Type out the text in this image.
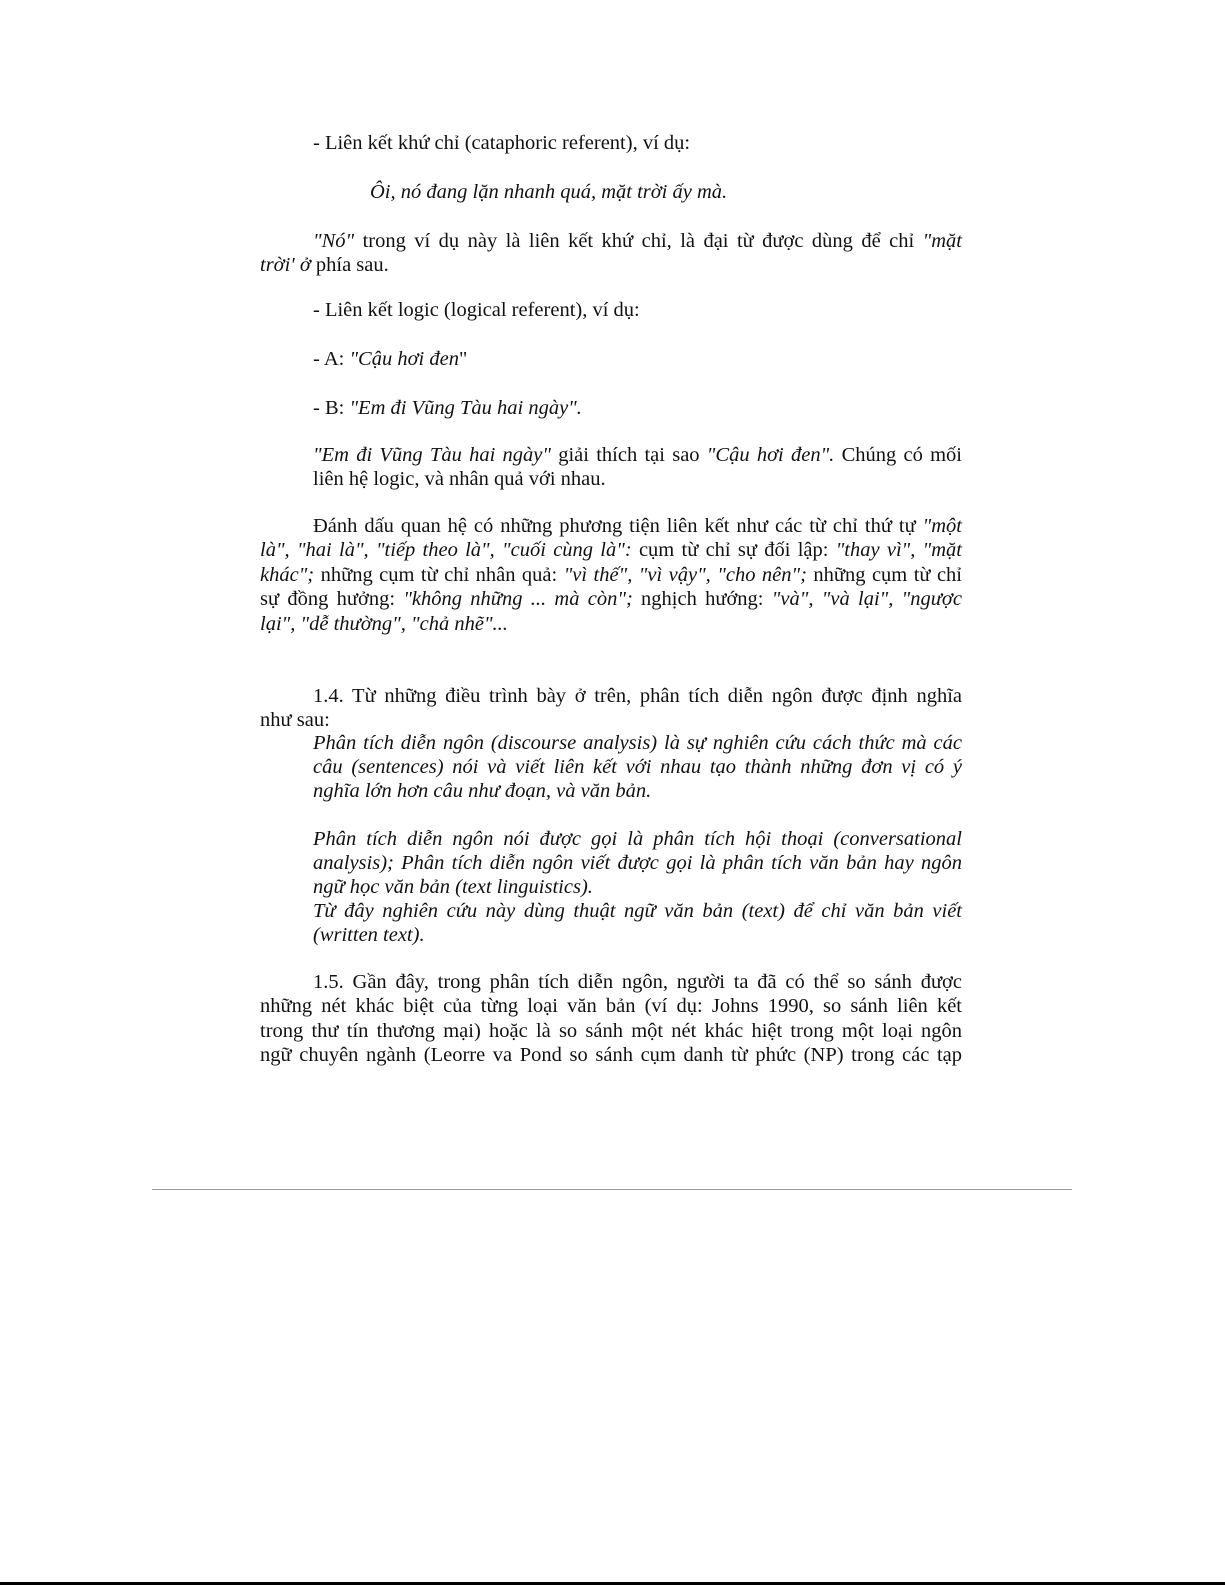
- Liên kết khứ chỉ (cataphoric referent), ví dụ:
Ôi, nó đang lặn nhanh quá, mặt trời ấy mà.
"Nó" trong ví dụ này là liên kết khứ chỉ, là đại từ được dùng để chỉ "mặt
trời' ở phía sau.
- Liên kết logic (logical referent), ví dụ:
- A: "Cậu hơi đen"
- B: "Em đi Vũng Tàu hai ngày".
"Em đi Vũng Tàu hai ngày" giải thích tại sao "Cậu hơi đen". Chúng có mối
liên hệ logic, và nhân quả với nhau.
Đánh dấu quan hệ có những phương tiện liên kết như các từ chỉ thứ tự "một
là", "hai là", "tiếp theo là", "cuối cùng là": cụm từ chỉ sự đối lập: "thay vì", "mặt
khác"; những cụm từ chỉ nhân quả: "vì thế", "vì vậy", "cho nên"; những cụm từ chỉ
sự đồng hưởng: "không những ... mà còn"; nghịch hướng: "và", "và lại", "ngược
lại", "dễ thường", "chả nhẽ"...
1.4. Từ những điều trình bày ở trên, phân tích diễn ngôn được định nghĩa
như sau:
Phân tích diễn ngôn (discourse analysis) là sự nghiên cứu cách thức mà các
câu (sentences) nói và viết liên kết với nhau tạo thành những đơn vị có ý
nghĩa lớn hơn câu như đoạn, và văn bản.
Phân tích diễn ngôn nói được gọi là phân tích hội thoại (conversational
analysis); Phân tích diễn ngôn viết được gọi là phân tích văn bản hay ngôn
ngữ học văn bản (text linguistics).
Từ đây nghiên cứu này dùng thuật ngữ văn bản (text) để chỉ văn bản viết
(written text).
1.5. Gần đây, trong phân tích diễn ngôn, người ta đã có thể so sánh được
những nét khác biệt của từng loại văn bản (ví dụ: Johns 1990, so sánh liên kết
trong thư tín thương mại) hoặc là so sánh một nét khác hiệt trong một loại ngôn
ngữ chuyên ngành (Leorre va Pond so sánh cụm danh từ phức (NP) trong các tạp
